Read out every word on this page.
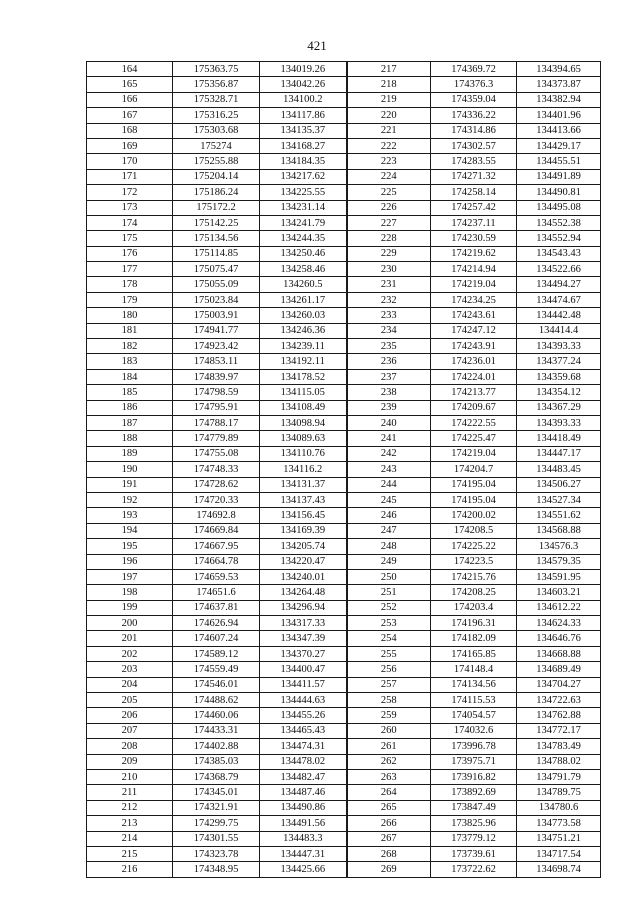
421
164	175363.75	134019.26	217	174369.72	134394.65
165	175356.87	134042.26	218	174376.3	134373.87
166	175328.71	134100.2	219	174359.04	134382.94
167	175316.25	134117.86	220	174336.22	134401.96
168	175303.68	134135.37	221	174314.86	134413.66
169	175274	134168.27	222	174302.57	134429.17
170	175255.88	134184.35	223	174283.55	134455.51
171	175204.14	134217.62	224	174271.32	134491.89
172	175186.24	134225.55	225	174258.14	134490.81
173	175172.2	134231.14	226	174257.42	134495.08
174	175142.25	134241.79	227	174237.11	134552.38
175	175134.56	134244.35	228	174230.59	134552.94
176	175114.85	134250.46	229	174219.62	134543.43
177	175075.47	134258.46	230	174214.94	134522.66
178	175055.09	134260.5	231	174219.04	134494.27
179	175023.84	134261.17	232	174234.25	134474.67
180	175003.91	134260.03	233	174243.61	134442.48
181	174941.77	134246.36	234	174247.12	134414.4
182	174923.42	134239.11	235	174243.91	134393.33
183	174853.11	134192.11	236	174236.01	134377.24
184	174839.97	134178.52	237	174224.01	134359.68
185	174798.59	134115.05	238	174213.77	134354.12
186	174795.91	134108.49	239	174209.67	134367.29
187	174788.17	134098.94	240	174222.55	134393.33
188	174779.89	134089.63	241	174225.47	134418.49
189	174755.08	134110.76	242	174219.04	134447.17
190	174748.33	134116.2	243	174204.7	134483.45
191	174728.62	134131.37	244	174195.04	134506.27
192	174720.33	134137.43	245	174195.04	134527.34
193	174692.8	134156.45	246	174200.02	134551.62
194	174669.84	134169.39	247	174208.5	134568.88
195	174667.95	134205.74	248	174225.22	134576.3
196	174664.78	134220.47	249	174223.5	134579.35
197	174659.53	134240.01	250	174215.76	134591.95
198	174651.6	134264.48	251	174208.25	134603.21
199	174637.81	134296.94	252	174203.4	134612.22
200	174626.94	134317.33	253	174196.31	134624.33
201	174607.24	134347.39	254	174182.09	134646.76
202	174589.12	134370.27	255	174165.85	134668.88
203	174559.49	134400.47	256	174148.4	134689.49
204	174546.01	134411.57	257	174134.56	134704.27
205	174488.62	134444.63	258	174115.53	134722.63
206	174460.06	134455.26	259	174054.57	134762.88
207	174433.31	134465.43	260	174032.6	134772.17
208	174402.88	134474.31	261	173996.78	134783.49
209	174385.03	134478.02	262	173975.71	134788.02
210	174368.79	134482.47	263	173916.82	134791.79
211	174345.01	134487.46	264	173892.69	134789.75
212	174321.91	134490.86	265	173847.49	134780.6
213	174299.75	134491.56	266	173825.96	134773.58
214	174301.55	134483.3	267	173779.12	134751.21
215	174323.78	134447.31	268	173739.61	134717.54
216	174348.95	134425.66	269	173722.62	134698.74
